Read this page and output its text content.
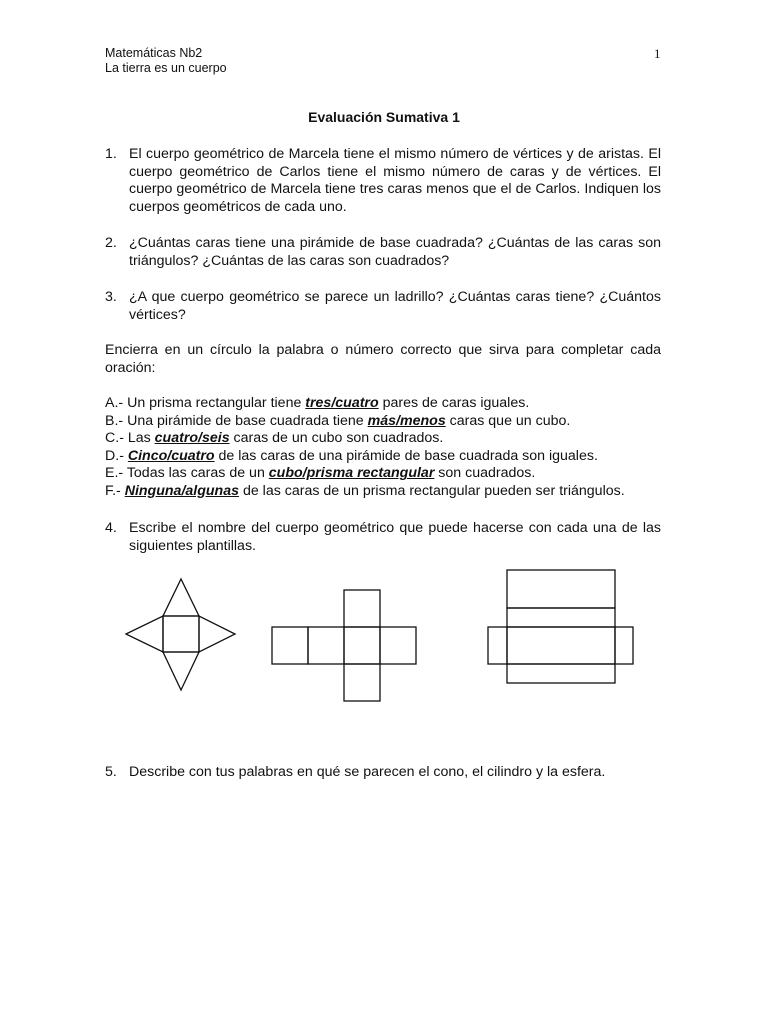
Matemáticas Nb2
La tierra es un cuerpo
1
Evaluación Sumativa 1
1. El cuerpo geométrico de Marcela tiene el mismo número de vértices y de aristas. El cuerpo geométrico de Carlos tiene el mismo número de caras y de vértices. El cuerpo geométrico de Marcela tiene tres caras menos que el de Carlos. Indiquen los cuerpos geométricos de cada uno.
2. ¿Cuántas caras tiene una pirámide de base cuadrada? ¿Cuántas de las caras son triángulos? ¿Cuántas de las caras son cuadrados?
3. ¿A que cuerpo geométrico se parece un ladrillo? ¿Cuántas caras tiene? ¿Cuántos vértices?
Encierra en un círculo la palabra o número correcto que sirva para completar cada oración:
A.- Un prisma rectangular tiene tres/cuatro pares de caras iguales.
B.- Una pirámide de base cuadrada tiene más/menos caras que un cubo.
C.- Las cuatro/seis caras de un cubo son cuadrados.
D.- Cinco/cuatro de las caras de una pirámide de base cuadrada son iguales.
E.- Todas las caras de un cubo/prisma rectangular son cuadrados.
F.- Ninguna/algunas de las caras de un prisma rectangular pueden ser triángulos.
4. Escribe el nombre del cuerpo geométrico que puede hacerse con cada una de las siguientes plantillas.
5. Describe con tus palabras en qué se parecen el cono, el cilindro y la esfera.
